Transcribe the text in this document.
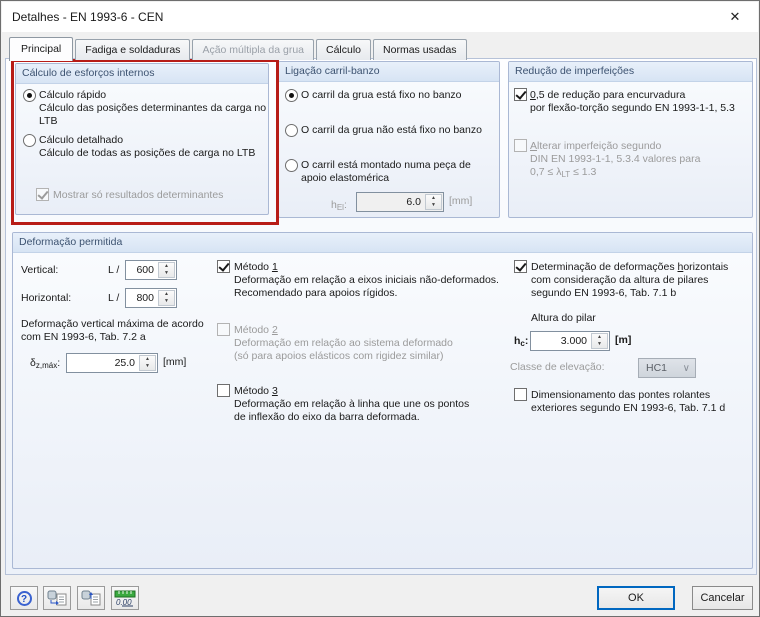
Detalhes - EN 1993-6 - CEN
✕
Principal	Fadiga e soldaduras	Ação múltipla da grua	Cálculo	Normas usadas
Cálculo de esforços internos
Cálculo rápido
Cálculo das posições determinantes da carga no
LTB
Cálculo detalhado
Cálculo de todas as posições de carga no LTB
Mostrar só resultados determinantes
Ligação carril-banzo
O carril da grua está fixo no banzo
O carril da grua não está fixo no banzo
O carril está montado numa peça de
apoio elastomérica
$h_{El}$:	6.0 ▲ ▼	[mm]
Redução de imperfeições
0,5 de redução para encurvadura
por flexão-torção segundo EN 1993-1-1, 5.3
Alterar imperfeição segundo
DIN EN 1993-1-1, 5.3.4 valores para
$0,7 \le \lambda_{LT} \le 1.3$
Deformação permitida
Vertical:	L /	600
▲
▼
Horizontal:	L /	800
▲
▼
Deformação vertical máxima de acordo
com EN 1993-6, Tab. 7.2 a
$\delta_{z,máx}$:	25.0 ▲ ▼	[mm]
Método 1
Deformação em relação a eixos iniciais não-deformados.
Recomendado para apoios rígidos.
Método 2
Deformação em relação ao sistema deformado
(só para apoios elásticos com rigidez similar)
Método 3
Deformação em relação à linha que une os pontos
de inflexão do eixo da barra deformada.
Determinação de deformações horizontais
com consideração da altura de pilares
segundo EN 1993-6, Tab. 7.1 b
Altura do pilar
$h_c$:	3.000 ▲ ▼	[m]
Classe de elevação:	HC1
∨
Dimensionamento das pontes rolantes
exteriores segundo EN 1993-6, Tab. 7.1 d
?
0.00	OK	Cancelar
